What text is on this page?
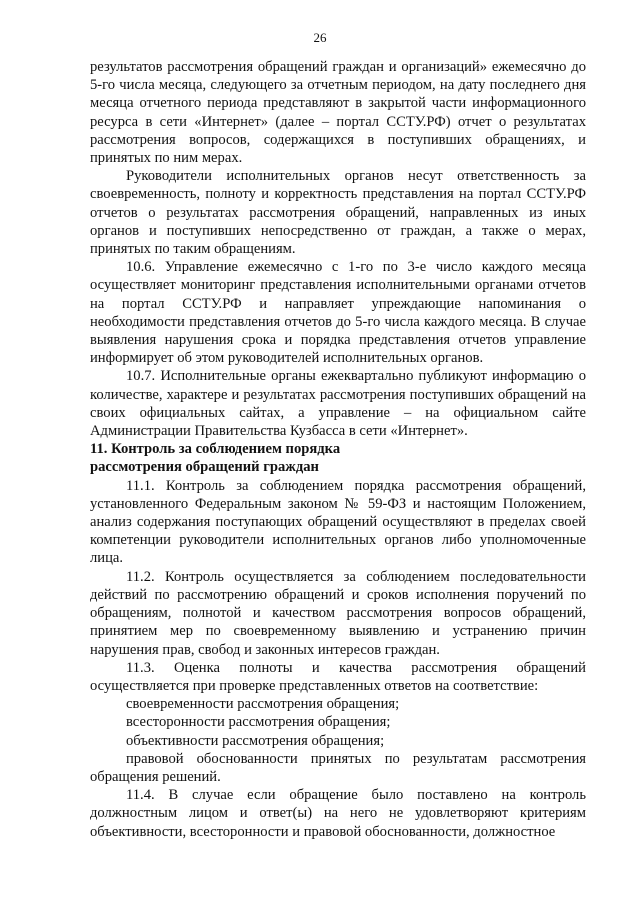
26

результатов рассмотрения обращений граждан и организаций» ежемесячно до 5-го числа месяца, следующего за отчетным периодом, на дату последнего дня месяца отчетного периода представляют в закрытой части информационного ресурса в сети «Интернет» (далее – портал ССТУ.РФ) отчет о результатах рассмотрения вопросов, содержащихся в поступивших обращениях, и принятых по ним мерах.

Руководители исполнительных органов несут ответственность за своевременность, полноту и корректность представления на портал ССТУ.РФ отчетов о результатах рассмотрения обращений, направленных из иных органов и поступивших непосредственно от граждан, а также о мерах, принятых по таким обращениям.

10.6. Управление ежемесячно с 1-го по 3-е число каждого месяца осуществляет мониторинг представления исполнительными органами отчетов на портал ССТУ.РФ и направляет упреждающие напоминания о необходимости представления отчетов до 5-го числа каждого месяца. В случае выявления нарушения срока и порядка представления отчетов управление информирует об этом руководителей исполнительных органов.

10.7. Исполнительные органы ежеквартально публикуют информацию о количестве, характере и результатах рассмотрения поступивших обращений на своих официальных сайтах, а управление – на официальном сайте Администрации Правительства Кузбасса в сети «Интернет».

11. Контроль за соблюдением порядка
рассмотрения обращений граждан

11.1. Контроль за соблюдением порядка рассмотрения обращений, установленного Федеральным законом № 59-ФЗ и настоящим Положением, анализ содержания поступающих обращений осуществляют в пределах своей компетенции руководители исполнительных органов либо уполномоченные лица.

11.2. Контроль осуществляется за соблюдением последовательности действий по рассмотрению обращений и сроков исполнения поручений по обращениям, полнотой и качеством рассмотрения вопросов обращений, принятием мер по своевременному выявлению и устранению причин нарушения прав, свобод и законных интересов граждан.

11.3. Оценка полноты и качества рассмотрения обращений осуществляется при проверке представленных ответов на соответствие:

своевременности рассмотрения обращения;

всесторонности рассмотрения обращения;

объективности рассмотрения обращения;

правовой обоснованности принятых по результатам рассмотрения обращения решений.

11.4. В случае если обращение было поставлено на контроль должностным лицом и ответ(ы) на него не удовлетворяют критериям объективности, всесторонности и правовой обоснованности, должностное
